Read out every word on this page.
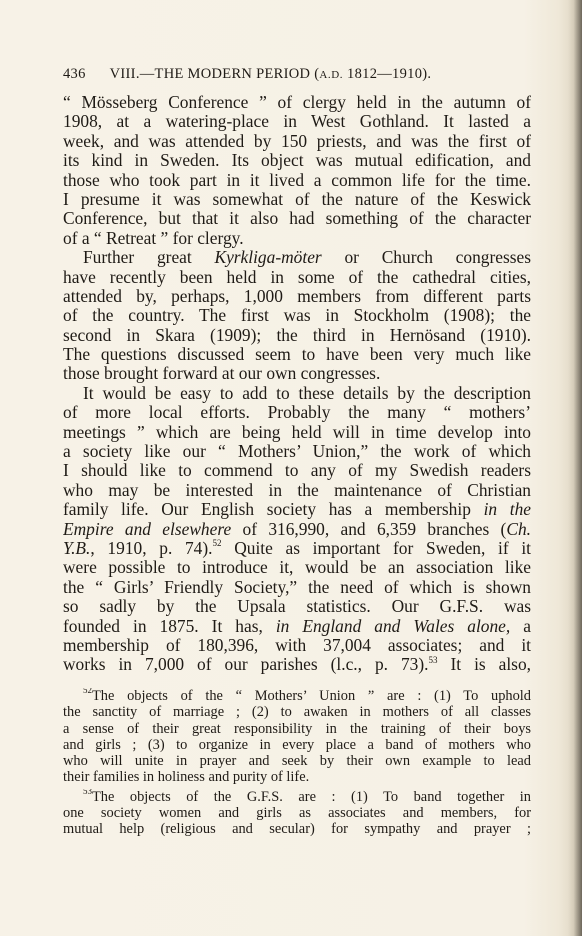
436 VIII.—THE MODERN PERIOD (A.D. 1812—1910).
“ Mösseberg Conference ” of clergy held in the autumn of
1908, at a watering-place in West Gothland. It lasted a
week, and was attended by 150 priests, and was the first of
its kind in Sweden. Its object was mutual edification, and
those who took part in it lived a common life for the time.
I presume it was somewhat of the nature of the Keswick
Conference, but that it also had something of the character
of a “ Retreat ” for clergy.
Further great Kyrkliga-möter or Church congresses
have recently been held in some of the cathedral cities,
attended by, perhaps, 1,000 members from different parts
of the country. The first was in Stockholm (1908); the
second in Skara (1909); the third in Hernösand (1910).
The questions discussed seem to have been very much like
those brought forward at our own congresses.
It would be easy to add to these details by the description
of more local efforts. Probably the many “ mothers’
meetings ” which are being held will in time develop into
a society like our “ Mothers’ Union,” the work of which
I should like to commend to any of my Swedish readers
who may be interested in the maintenance of Christian
family life. Our English society has a membership in the
Empire and elsewhere of 316,990, and 6,359 branches (Ch.
Y.B., 1910, p. 74).$^{52}$ Quite as important for Sweden, if it
were possible to introduce it, would be an association like
the “ Girls’ Friendly Society,” the need of which is shown
so sadly by the Upsala statistics. Our G.F.S. was
founded in 1875. It has, in England and Wales alone, a
membership of 180,396, with 37,004 associates; and it
works in 7,000 of our parishes (l.c., p. 73).$^{53}$ It is also,
$^{52}$The objects of the “ Mothers’ Union ” are : (1) To uphold
the sanctity of marriage ; (2) to awaken in mothers of all classes
a sense of their great responsibility in the training of their boys
and girls ; (3) to organize in every place a band of mothers who
who will unite in prayer and seek by their own example to lead
their families in holiness and purity of life.
$^{53}$The objects of the G.F.S. are : (1) To band together in
one society women and girls as associates and members, for
mutual help (religious and secular) for sympathy and prayer ;
